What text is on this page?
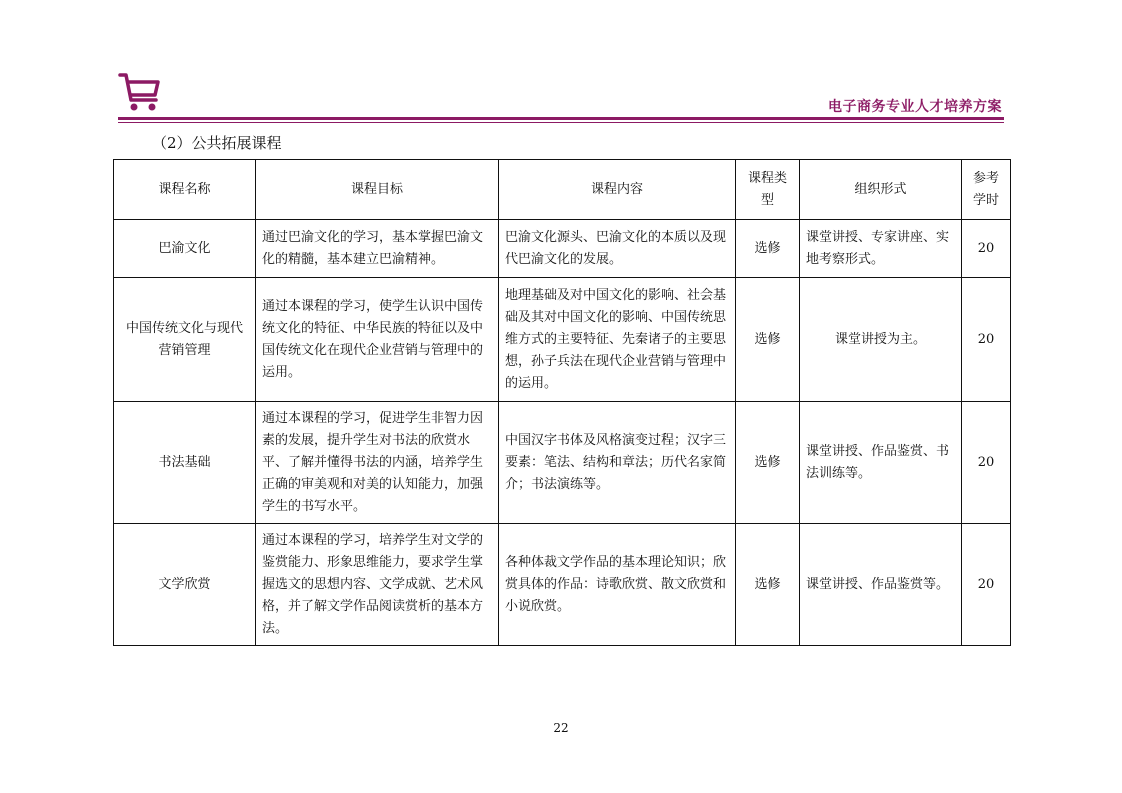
电子商务专业人才培养方案
（2）公共拓展课程
课程名称	课程目标	课程内容	课程类型	组织形式	参考学时
巴渝文化	通过巴渝文化的学习，基本掌握巴渝文化的精髓，基本建立巴渝精神。	巴渝文化源头、巴渝文化的本质以及现代巴渝文化的发展。	选修	课堂讲授、专家讲座、实地考察形式。	20
中国传统文化与现代营销管理	通过本课程的学习，使学生认识中国传统文化的特征、中华民族的特征以及中国传统文化在现代企业营销与管理中的运用。	地理基础及对中国文化的影响、社会基础及其对中国文化的影响、中国传统思维方式的主要特征、先秦诸子的主要思想，孙子兵法在现代企业营销与管理中的运用。	选修	课堂讲授为主。	20
书法基础	通过本课程的学习，促进学生非智力因素的发展，提升学生对书法的欣赏水平、了解并懂得书法的内涵，培养学生正确的审美观和对美的认知能力，加强学生的书写水平。	中国汉字书体及风格演变过程；汉字三要素：笔法、结构和章法；历代名家简介；书法演练等。	选修	课堂讲授、作品鉴赏、书法训练等。	20
文学欣赏	通过本课程的学习，培养学生对文学的鉴赏能力、形象思维能力，要求学生掌握选文的思想内容、文学成就、艺术风格，并了解文学作品阅读赏析的基本方法。	各种体裁文学作品的基本理论知识；欣赏具体的作品：诗歌欣赏、散文欣赏和小说欣赏。	选修	课堂讲授、作品鉴赏等。	20
22
